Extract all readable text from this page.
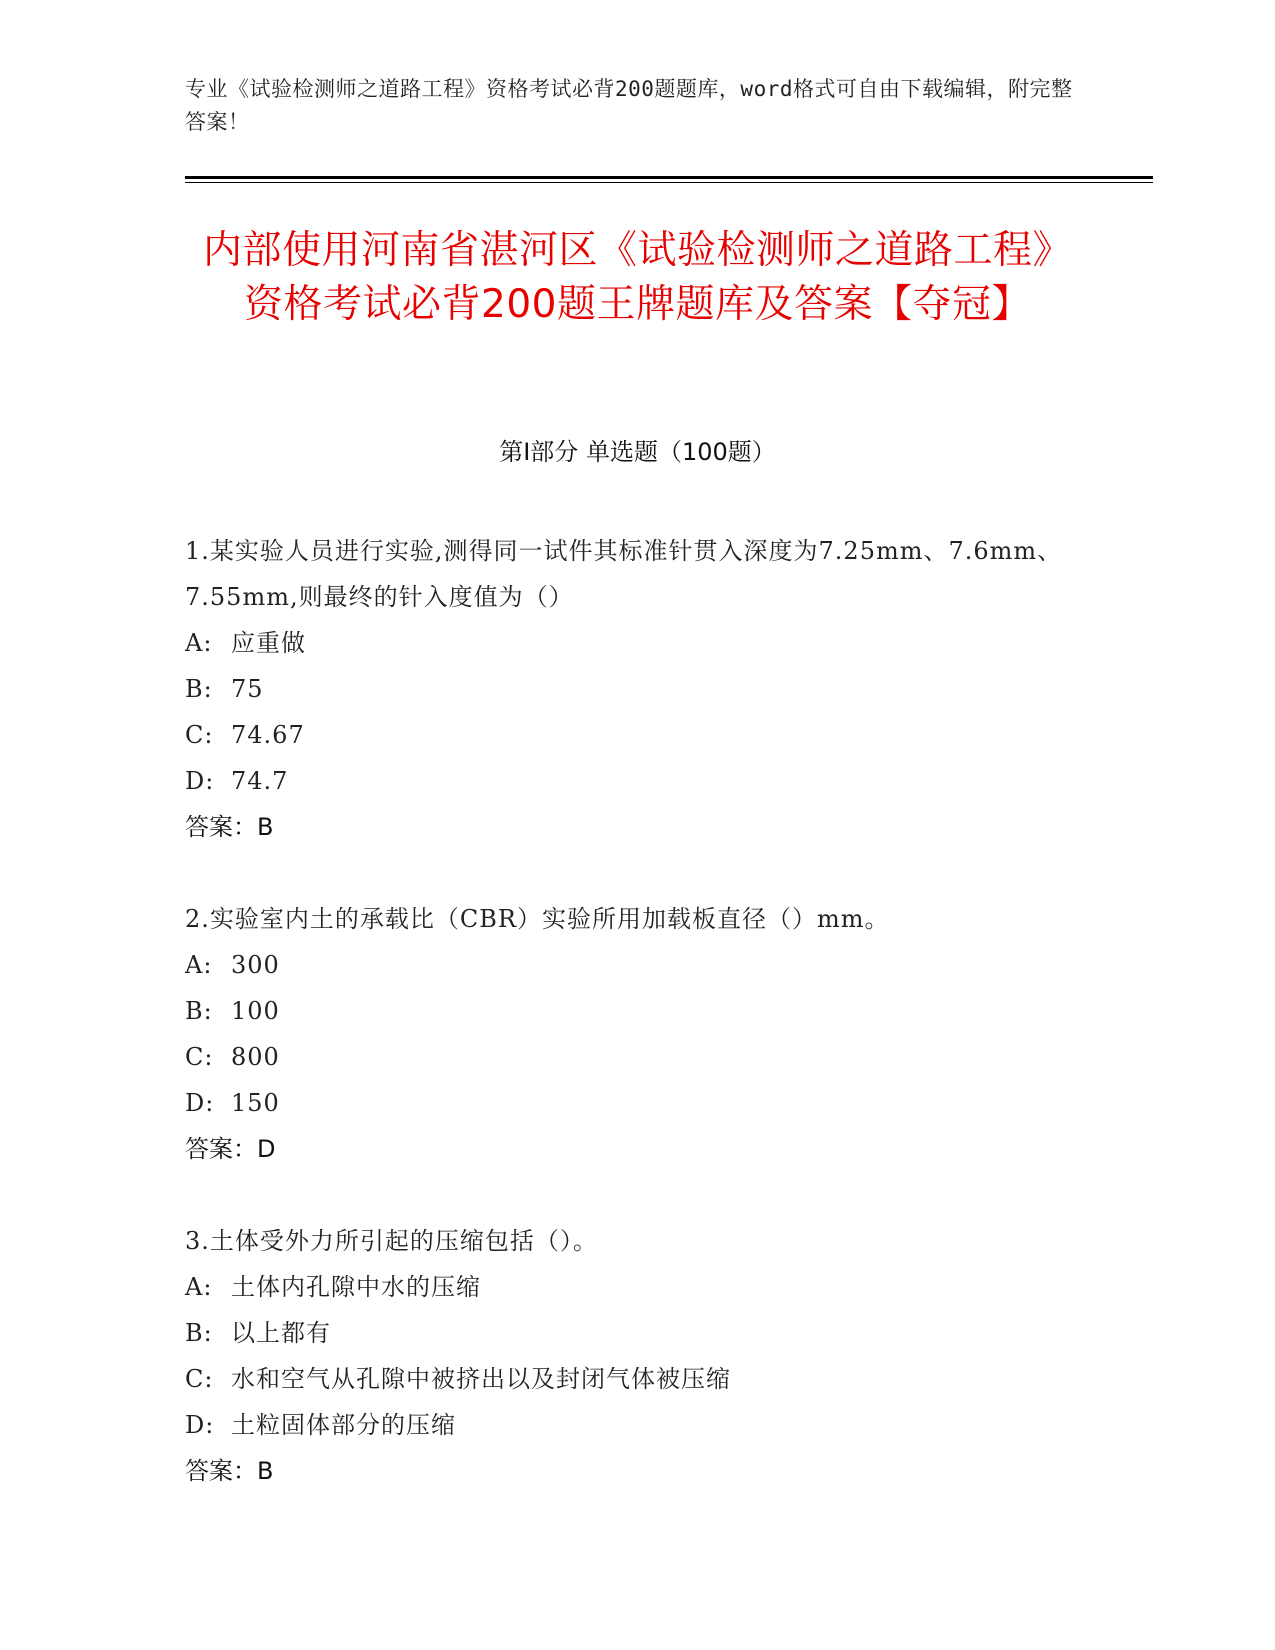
专业《试验检测师之道路工程》资格考试必背200题题库，word格式可自由下载编辑，附完整答案！
内部使用河南省湛河区《试验检测师之道路工程》资格考试必背200题王牌题库及答案【夺冠】
第Ⅰ部分 单选题（100题）
1.某实验人员进行实验,测得同一试件其标准针贯入深度为7.25mm、7.6mm、7.55mm,则最终的针入度值为（）
A: 应重做
B: 75
C: 74.67
D: 74.7
答案：B
2.实验室内土的承载比（CBR）实验所用加载板直径（）mm。
A: 300
B: 100
C: 800
D: 150
答案：D
3.土体受外力所引起的压缩包括（）。
A: 土体内孔隙中水的压缩
B: 以上都有
C: 水和空气从孔隙中被挤出以及封闭气体被压缩
D: 土粒固体部分的压缩
答案：B
